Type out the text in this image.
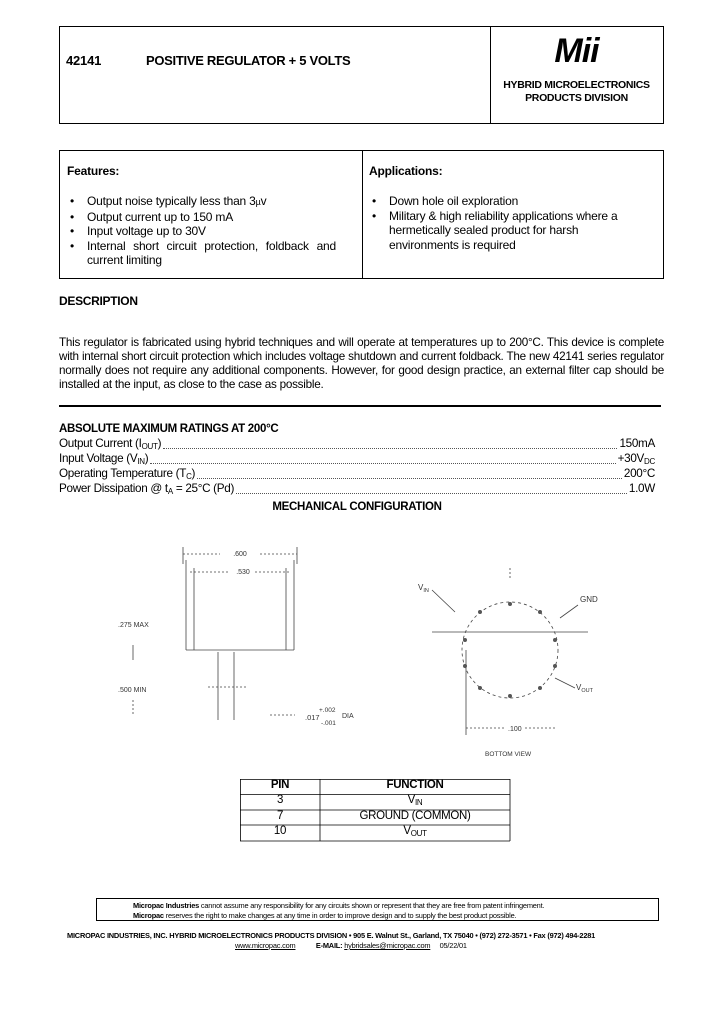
42141	POSITIVE REGULATOR + 5 VOLTS	Mii
HYBRID MICROELECTRONICS
PRODUCTS DIVISION
Features:
• Output noise typically less than 3µv
• Output current up to 150 mA
• Input voltage up to 30V
• Internal short circuit protection, foldback and current limiting
Applications:
• Down hole oil exploration
• Military & high reliability applications where a hermetically sealed product for harsh environments is required
DESCRIPTION
This regulator is fabricated using hybrid techniques and will operate at temperatures up to 200°C. This device is complete with internal short circuit protection which includes voltage shutdown and current foldback. The new 42141 series regulator normally does not require any additional components. However, for good design practice, an external filter cap should be installed at the input, as close to the case as possible.
ABSOLUTE MAXIMUM RATINGS AT 200°C
Output Current $(I_{OUT})$	150mA
Input Voltage $(V_{IN})$	$+30V_{DC}$
Operating Temperature $(T_C)$	200°C
Power Dissipation @ $t_A = 25^\circ C$ (Pd)	1.0W
MECHANICAL CONFIGURATION
.600
.530
.275 MAX
.500 MIN
.017
+.002
-.001
DIA
$V_{IN}$
GND
$V_{OUT}$
.100
BOTTOM VIEW
PIN	FUNCTION
3	$V_{IN}$
7	GROUND (COMMON)
10	$V_{OUT}$
Micropac Industries cannot assume any responsibility for any circuits shown or represent that they are free from patent infringement.
Micropac reserves the right to make changes at any time in order to improve design and to supply the best product possible.
MICROPAC INDUSTRIES, INC. HYBRID MICROELECTRONICS PRODUCTS DIVISION • 905 E. Walnut St., Garland, TX 75040 • (972) 272-3571 • Fax (972) 494-2281
www.micropac.com	E-MAIL: hybridsales@micropac.com 05/22/01
